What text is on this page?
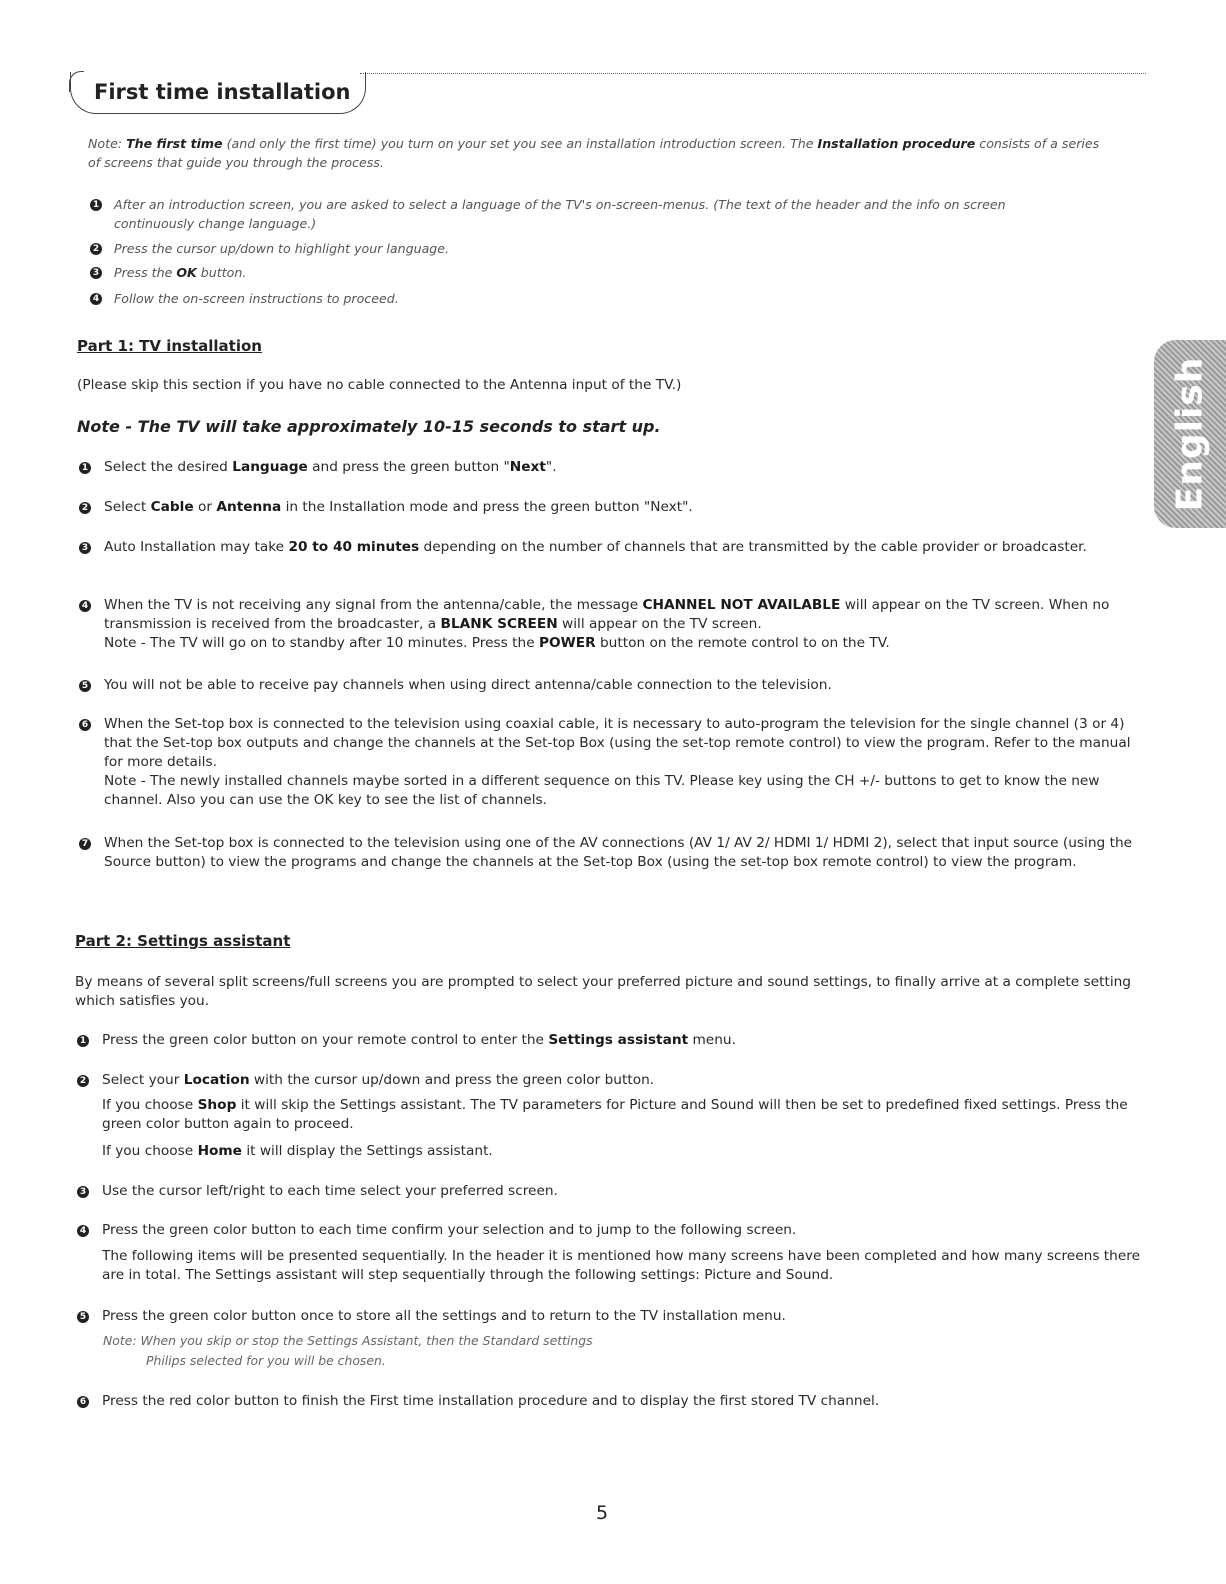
First time installation
Note: The first time (and only the first time) you turn on your set you see an installation introduction screen. The Installation procedure consists of a series of screens that guide you through the process.
1 After an introduction screen, you are asked to select a language of the TV's on-screen-menus. (The text of the header and the info on screen continuously change language.)
2 Press the cursor up/down to highlight your language.
3 Press the OK button.
4 Follow the on-screen instructions to proceed.
Part 1: TV installation
(Please skip this section if you have no cable connected to the Antenna input of the TV.)
Note - The TV will take approximately 10-15 seconds to start up.
1 Select the desired Language and press the green button "Next".
2 Select Cable or Antenna in the Installation mode and press the green button "Next".
3 Auto Installation may take 20 to 40 minutes depending on the number of channels that are transmitted by the cable provider or broadcaster.
4 When the TV is not receiving any signal from the antenna/cable, the message CHANNEL NOT AVAILABLE will appear on the TV screen. When no transmission is received from the broadcaster, a BLANK SCREEN will appear on the TV screen.
Note - The TV will go on to standby after 10 minutes. Press the POWER button on the remote control to on the TV.
5 You will not be able to receive pay channels when using direct antenna/cable connection to the television.
6 When the Set-top box is connected to the television using coaxial cable, it is necessary to auto-program the television for the single channel (3 or 4) that the Set-top box outputs and change the channels at the Set-top Box (using the set-top remote control) to view the program. Refer to the manual for more details.
Note - The newly installed channels maybe sorted in a different sequence on this TV. Please key using the CH +/- buttons to get to know the new channel. Also you can use the OK key to see the list of channels.
7 When the Set-top box is connected to the television using one of the AV connections (AV 1/ AV 2/ HDMI 1/ HDMI 2), select that input source (using the Source button) to view the programs and change the channels at the Set-top Box (using the set-top box remote control) to view the program.
Part 2: Settings assistant
By means of several split screens/full screens you are prompted to select your preferred picture and sound settings, to finally arrive at a complete setting which satisfies you.
1 Press the green color button on your remote control to enter the Settings assistant menu.
2 Select your Location with the cursor up/down and press the green color button.
If you choose Shop it will skip the Settings assistant. The TV parameters for Picture and Sound will then be set to predefined fixed settings. Press the green color button again to proceed.
If you choose Home it will display the Settings assistant.
3 Use the cursor left/right to each time select your preferred screen.
4 Press the green color button to each time confirm your selection and to jump to the following screen.
The following items will be presented sequentially. In the header it is mentioned how many screens have been completed and how many screens there are in total. The Settings assistant will step sequentially through the following settings: Picture and Sound.
5 Press the green color button once to store all the settings and to return to the TV installation menu.
Note: When you skip or stop the Settings Assistant, then the Standard settings
Philips selected for you will be chosen.
6 Press the red color button to finish the First time installation procedure and to display the first stored TV channel.
English
5
